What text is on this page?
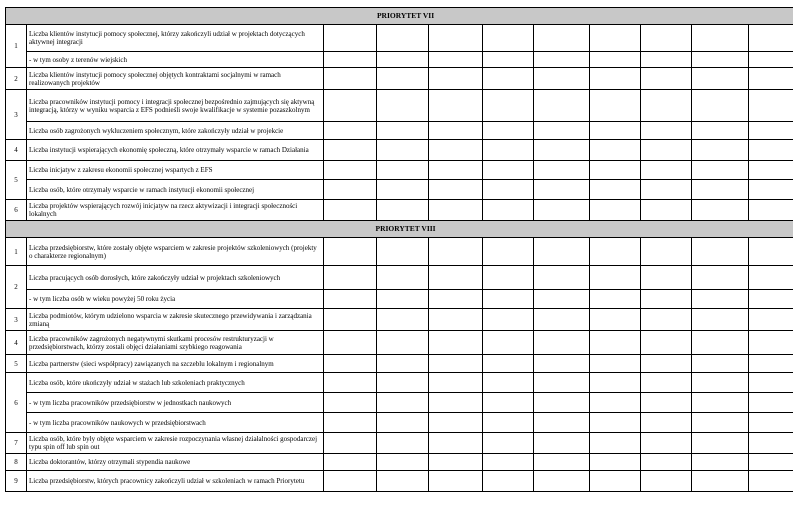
PRIORYTET VII										
1	Liczba klientów instytucji pomocy społecznej, którzy zakończyli udział w projektach dotyczących aktywnej integracji									
	- w tym osoby z terenów wiejskich									
2	Liczba klientów instytucji pomocy społecznej objętych kontraktami socjalnymi w ramach realizowanych projektów									
3	Liczba pracowników instytucji pomocy i integracji społecznej bezpośrednio zajmujących się aktywną integracją, którzy w wyniku wsparcia z EFS podnieśli swoje kwalifikacje w systemie pozaszkolnym									
	Liczba osób zagrożonych wykluczeniem społecznym, które zakończyły udział w projekcie									
4	Liczba instytucji wspierających ekonomię społeczną, które otrzymały wsparcie w ramach Działania									
5	Liczba inicjatyw z zakresu ekonomii społecznej wspartych z EFS									
	Liczba osób, które otrzymały wsparcie w ramach instytucji ekonomii społecznej									
6	Liczba projektów wspierających rozwój inicjatyw na rzecz aktywizacji i integracji społeczności lokalnych									
PRIORYTET VIII										
1	Liczba przedsiębiorstw, które zostały objęte wsparciem w zakresie projektów szkoleniowych (projekty o charakterze regionalnym)									
2	Liczba pracujących osób dorosłych, które zakończyły udział w projektach szkoleniowych									
	- w tym liczba osób w wieku powyżej 50 roku życia									
3	Liczba podmiotów, którym udzielono wsparcia w zakresie skutecznego przewidywania i zarządzania zmianą									
4	Liczba pracowników zagrożonych negatywnymi skutkami procesów restrukturyzacji w przedsiębiorstwach, którzy zostali objęci działaniami szybkiego reagowania									
5	Liczba partnerstw (sieci współpracy) zawiązanych na szczeblu lokalnym i regionalnym									
6	Liczba osób, które ukończyły udział w stażach lub szkoleniach praktycznych									
	- w tym liczba pracowników przedsiębiorstw w jednostkach naukowych									
	- w tym liczba pracowników naukowych w przedsiębiorstwach									
7	Liczba osób, które były objęte wsparciem w zakresie rozpoczynania własnej działalności gospodarczej typu spin off lub spin out									
8	Liczba doktorantów, którzy otrzymali stypendia naukowe									
9	Liczba przedsiębiorstw, których pracownicy zakończyli udział w szkoleniach w ramach Priorytetu									
